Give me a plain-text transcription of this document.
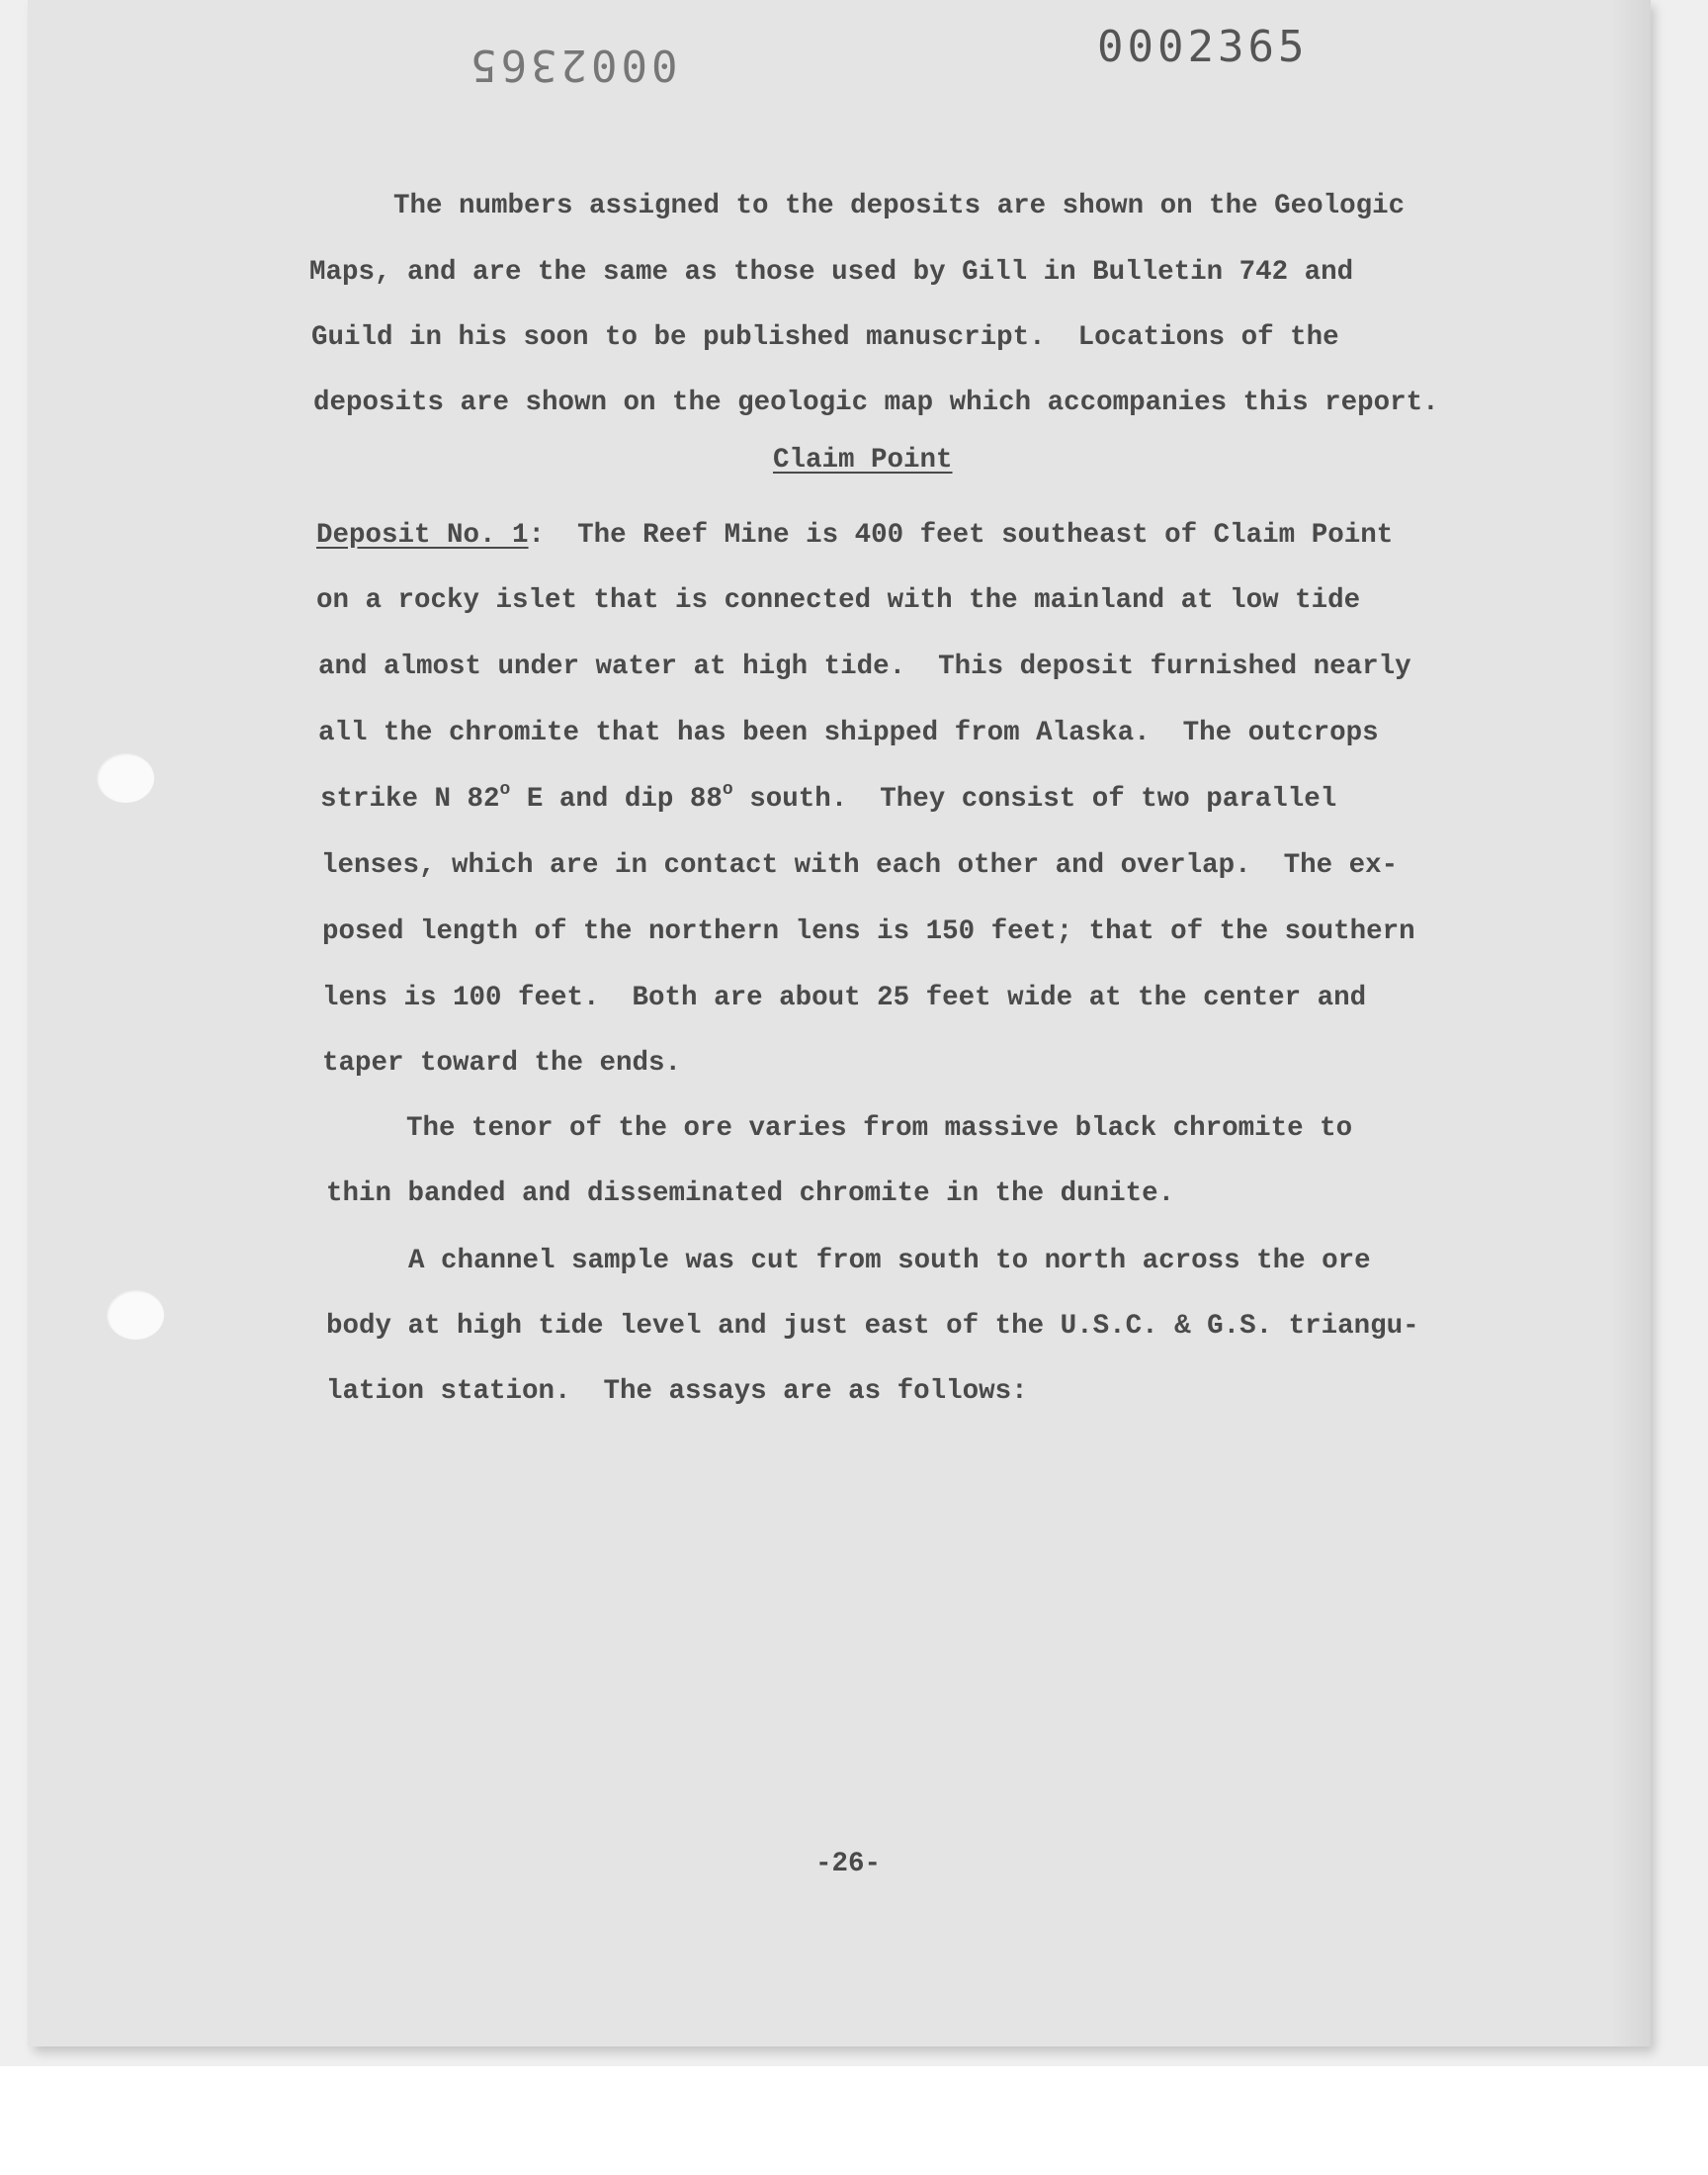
0002365	0002365
The numbers assigned to the deposits are shown on the Geologic
Maps, and are the same as those used by Gill in Bulletin 742 and
Guild in his soon to be published manuscript.  Locations of the
deposits are shown on the geologic map which accompanies this report.
Claim Point
Deposit No. 1:  The Reef Mine is 400 feet southeast of Claim Point
on a rocky islet that is connected with the mainland at low tide
and almost under water at high tide.  This deposit furnished nearly
all the chromite that has been shipped from Alaska.  The outcrops
strike N 82$^o$ E and dip 88$^o$ south.  They consist of two parallel
lenses, which are in contact with each other and overlap.  The ex-
posed length of the northern lens is 150 feet; that of the southern
lens is 100 feet.  Both are about 25 feet wide at the center and
taper toward the ends.
The tenor of the ore varies from massive black chromite to
thin banded and disseminated chromite in the dunite.
A channel sample was cut from south to north across the ore
body at high tide level and just east of the U.S.C. & G.S. triangu-
lation station.  The assays are as follows:
-26-
